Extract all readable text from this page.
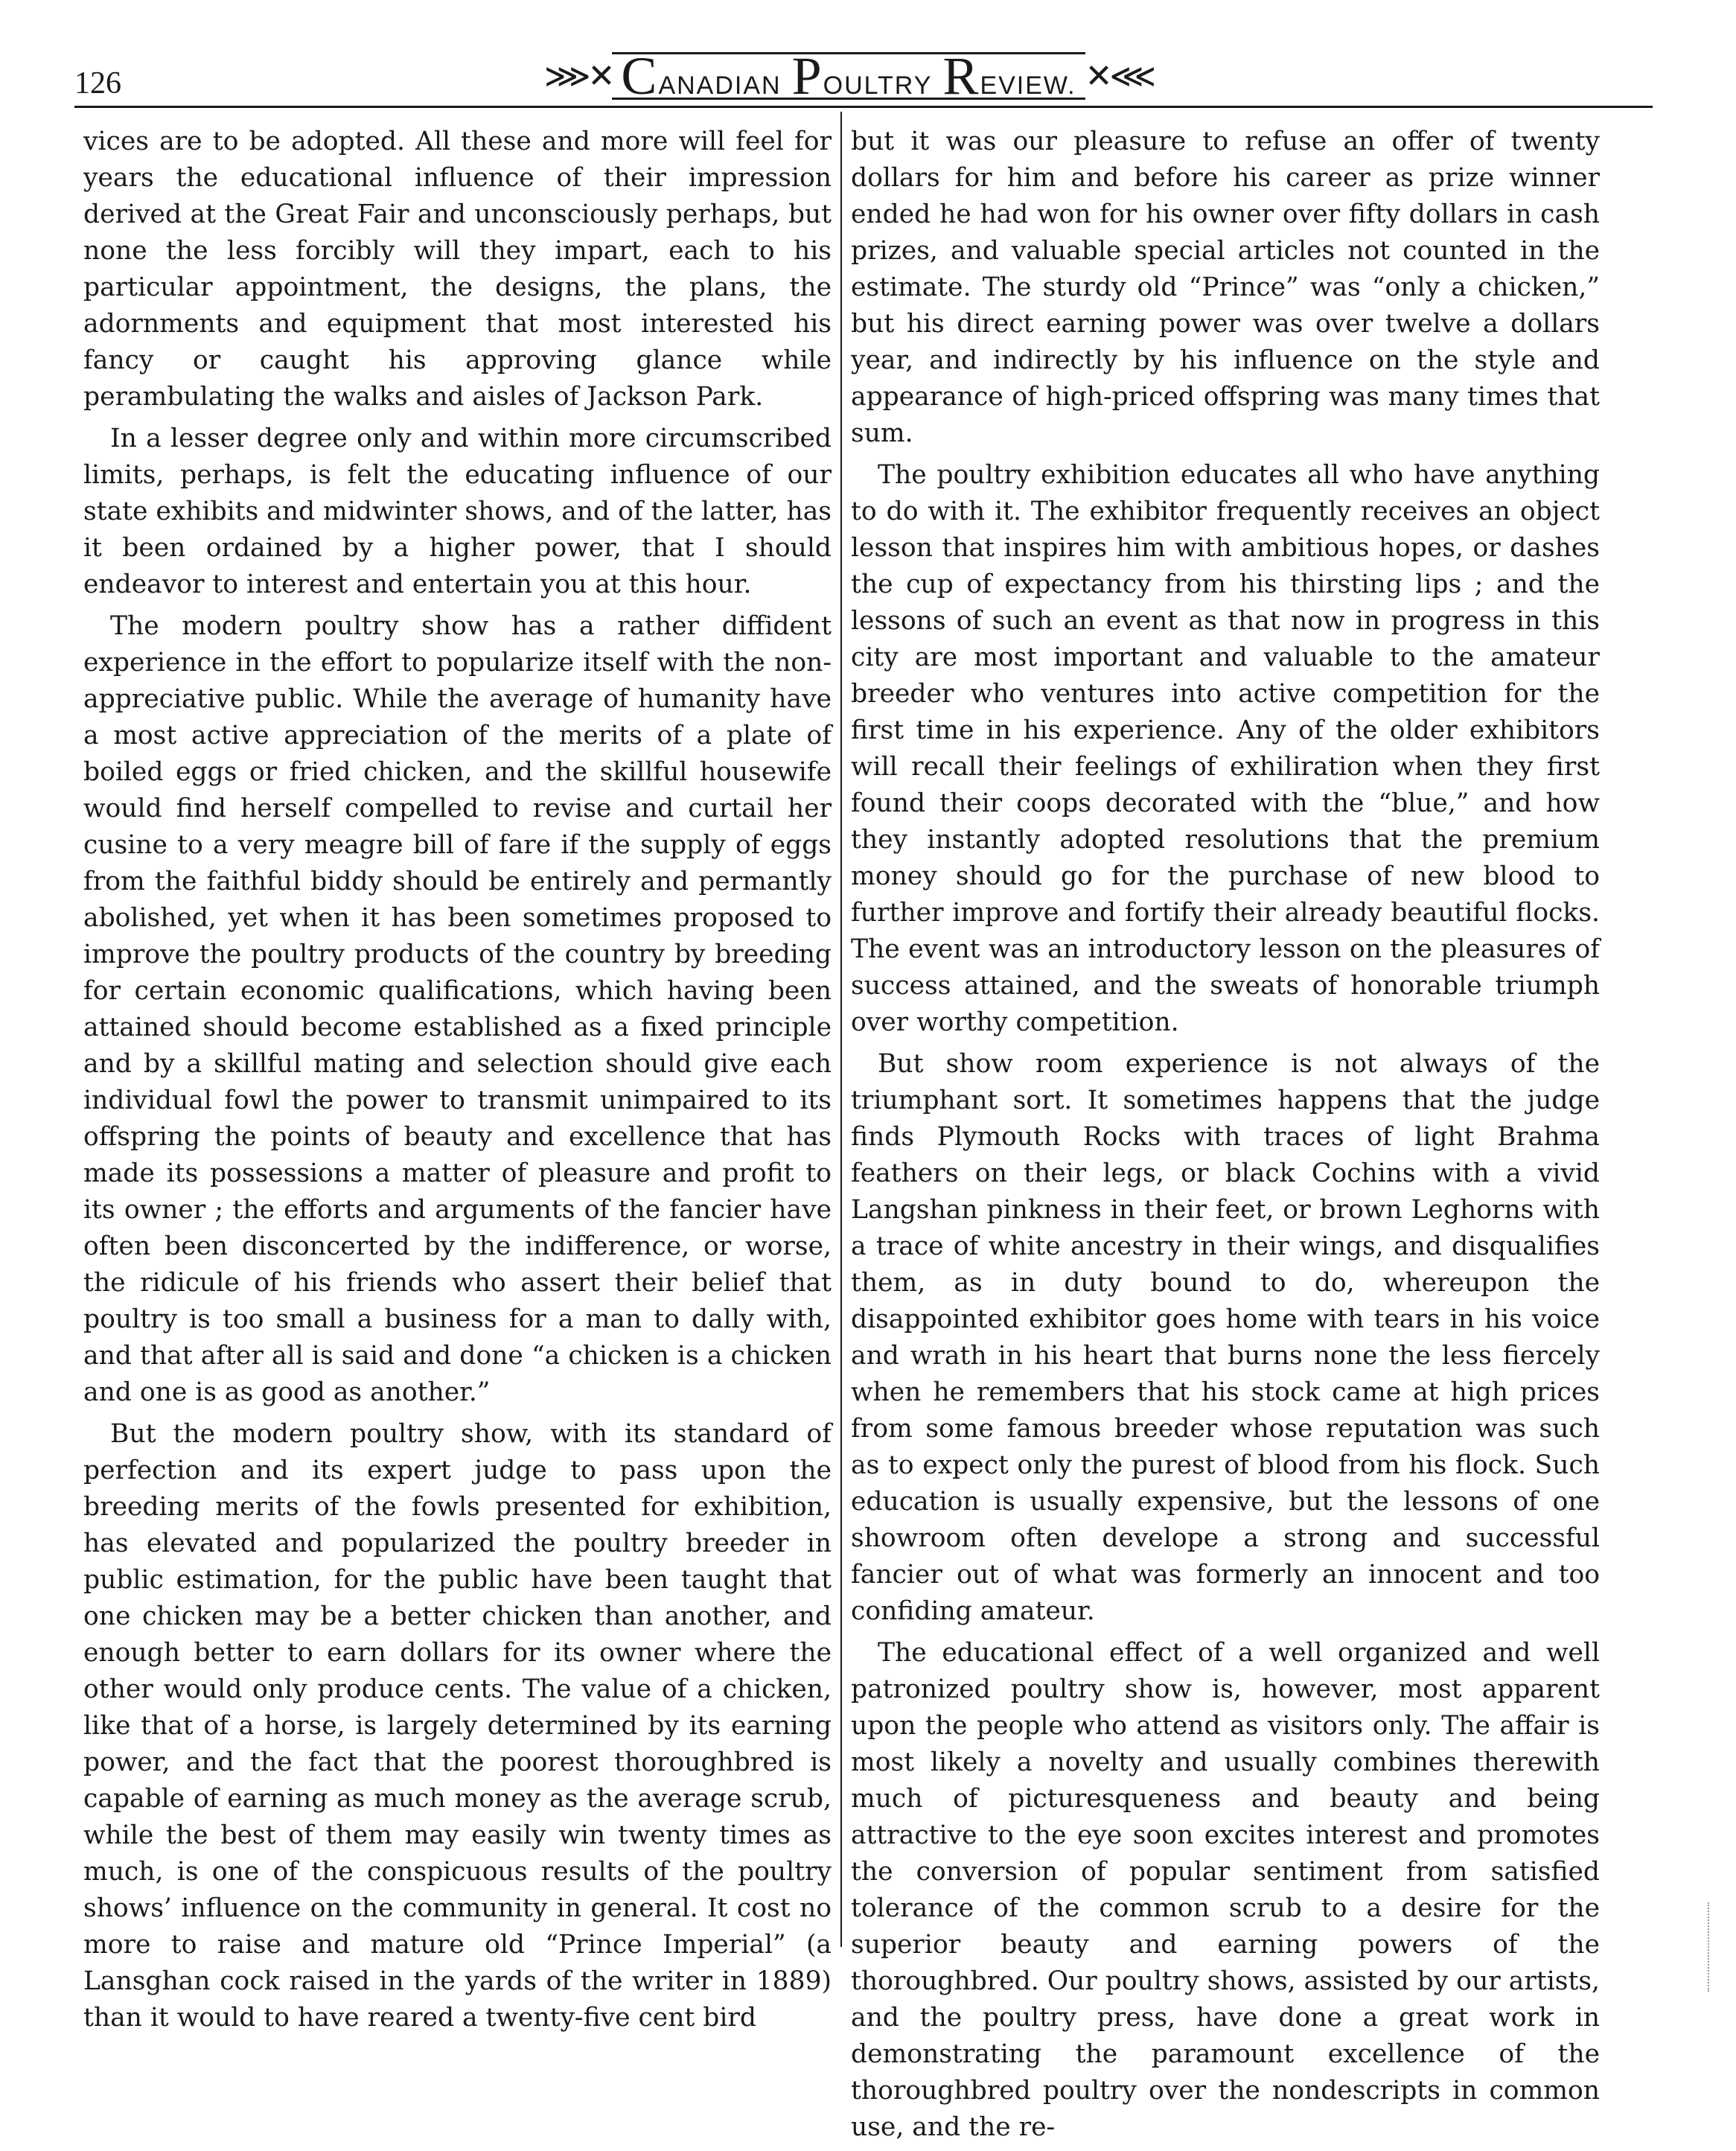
126	⋙✕ CANADIAN POULTRY REVIEW. ✕⋘

vices are to be adopted. All these and more will feel for years the educational influence of their impression derived at the Great Fair and unconsciously perhaps, but none the less forcibly will they impart, each to his particular appointment, the designs, the plans, the adornments and equipment that most interested his fancy or caught his approving glance while perambulating the walks and aisles of Jackson Park.

In a lesser degree only and within more circumscribed limits, perhaps, is felt the educating influence of our state exhibits and midwinter shows, and of the latter, has it been ordained by a higher power, that I should endeavor to interest and entertain you at this hour.

The modern poultry show has a rather diffident experience in the effort to popularize itself with the non-appreciative public. While the average of humanity have a most active appreciation of the merits of a plate of boiled eggs or fried chicken, and the skillful housewife would find herself compelled to revise and curtail her cusine to a very meagre bill of fare if the supply of eggs from the faithful biddy should be entirely and permantly abolished, yet when it has been sometimes proposed to improve the poultry products of the country by breeding for certain economic qualifications, which having been attained should become established as a fixed principle and by a skillful mating and selection should give each individual fowl the power to transmit unimpaired to its offspring the points of beauty and excellence that has made its possessions a matter of pleasure and profit to its owner ; the efforts and arguments of the fancier have often been disconcerted by the indifference, or worse, the ridicule of his friends who assert their belief that poultry is too small a business for a man to dally with, and that after all is said and done “a chicken is a chicken and one is as good as another.”

But the modern poultry show, with its standard of perfection and its expert judge to pass upon the breeding merits of the fowls presented for exhibition, has elevated and popularized the poultry breeder in public estimation, for the public have been taught that one chicken may be a better chicken than another, and enough better to earn dollars for its owner where the other would only produce cents. The value of a chicken, like that of a horse, is largely determined by its earning power, and the fact that the poorest thoroughbred is capable of earning as much money as the average scrub, while the best of them may easily win twenty times as much, is one of the conspicuous results of the poultry shows’ influence on the community in general. It cost no more to raise and mature old “Prince Imperial” (a Lansghan cock raised in the yards of the writer in 1889) than it would to have reared a twenty-five cent bird

but it was our pleasure to refuse an offer of twenty dollars for him and before his career as prize winner ended he had won for his owner over fifty dollars in cash prizes, and valuable special articles not counted in the estimate. The sturdy old “Prince” was “only a chicken,” but his direct earning power was over twelve a dollars year, and indirectly by his influence on the style and appearance of high-priced offspring was many times that sum.

The poultry exhibition educates all who have anything to do with it. The exhibitor frequently receives an object lesson that inspires him with ambitious hopes, or dashes the cup of expectancy from his thirsting lips ; and the lessons of such an event as that now in progress in this city are most important and valuable to the amateur breeder who ventures into active competition for the first time in his experience. Any of the older exhibitors will recall their feelings of exhiliration when they first found their coops decorated with the “blue,” and how they instantly adopted resolutions that the premium money should go for the purchase of new blood to further improve and fortify their already beautiful flocks. The event was an introductory lesson on the pleasures of success attained, and the sweats of honorable triumph over worthy competition.

But show room experience is not always of the triumphant sort. It sometimes happens that the judge finds Plymouth Rocks with traces of light Brahma feathers on their legs, or black Cochins with a vivid Langshan pinkness in their feet, or brown Leghorns with a trace of white ancestry in their wings, and disqualifies them, as in duty bound to do, whereupon the disappointed exhibitor goes home with tears in his voice and wrath in his heart that burns none the less fiercely when he remembers that his stock came at high prices from some famous breeder whose reputation was such as to expect only the purest of blood from his flock. Such education is usually expensive, but the lessons of one showroom often develope a strong and successful fancier out of what was formerly an innocent and too confiding amateur.

The educational effect of a well organized and well patronized poultry show is, however, most apparent upon the people who attend as visitors only. The affair is most likely a novelty and usually combines therewith much of picturesqueness and beauty and being attractive to the eye soon excites interest and promotes the conversion of popular sentiment from satisfied tolerance of the common scrub to a desire for the superior beauty and earning powers of the thoroughbred. Our poultry shows, assisted by our artists, and the poultry press, have done a great work in demonstrating the paramount excellence of the thoroughbred poultry over the nondescripts in common use, and the re-
